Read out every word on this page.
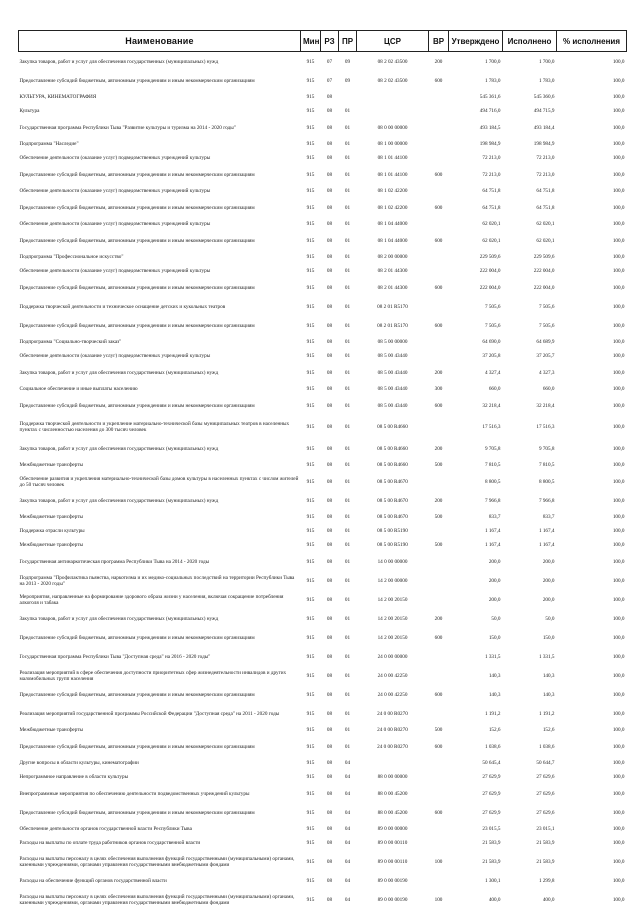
Наименование	Мин	РЗ	ПР	ЦСР	ВР	Утверждено	Исполнено	% исполнения
Закупка товаров, работ и услуг для обеспечения государственных (муниципальных) нужд	915	07	09	08 2 02 43500	200	1 700,0	1 700,0	100,0
Предоставление субсидий бюджетным, автономным учреждениям и иным некоммерческим организациям	915	07	09	08 2 02 43500	600	1 783,0	1 783,0	100,0
КУЛЬТУРА, КИНЕМАТОГРАФИЯ	915	08				545 361,6	545 360,6	100,0
Культура	915	08	01			494 716,0	494 715,9	100,0
Государственная программа Республики Тыва "Развитие культуры и туризма на 2014 - 2020 годы"	915	08	01	08 0 00 00000		493 184,5	493 184,4	100,0
Подпрограмма "Наследие"	915	08	01	08 1 00 00000		198 984,9	198 984,9	100,0
Обеспечение деятельности (оказание услуг) подведомственных учреждений культуры	915	08	01	08 1 01 44100		72 213,0	72 213,0	100,0
Предоставление субсидий бюджетным, автономным учреждениям и иным некоммерческим организациям	915	08	01	08 1 01 44100	600	72 213,0	72 213,0	100,0
Обеспечение деятельности (оказание услуг) подведомственных учреждений культуры	915	08	01	08 1 02 42200		64 751,8	64 751,8	100,0
Предоставление субсидий бюджетным, автономным учреждениям и иным некоммерческим организациям	915	08	01	08 1 02 42200	600	64 751,8	64 751,8	100,0
Обеспечение деятельности (оказание услуг) подведомственных учреждений культуры	915	08	01	08 1 04 44000		62 020,1	62 020,1	100,0
Предоставление субсидий бюджетным, автономным учреждениям и иным некоммерческим организациям	915	08	01	08 1 04 44000	600	62 020,1	62 020,1	100,0
Подпрограмма "Профессиональное искусство"	915	08	01	08 2 00 00000		229 509,6	229 509,6	100,0
Обеспечение деятельности (оказание услуг) подведомственных учреждений культуры	915	08	01	08 2 01 44300		222 004,0	222 004,0	100,0
Предоставление субсидий бюджетным, автономным учреждениям и иным некоммерческим организациям	915	08	01	08 2 01 44300	600	222 004,0	222 004,0	100,0
Поддержка творческой деятельности и техническое оснащение детских и кукольных театров	915	08	01	08 2 01 R5170		7 505,6	7 505,6	100,0
Предоставление субсидий бюджетным, автономным учреждениям и иным некоммерческим организациям	915	08	01	08 2 01 R5170	600	7 505,6	7 505,6	100,0
Подпрограмма "Социально-творческий заказ"	915	08	01	08 5 00 00000		64 690,0	64 689,9	100,0
Обеспечение деятельности (оказание услуг) подведомственных учреждений культуры	915	08	01	08 5 00 43440		37 205,8	37 205,7	100,0
Закупка товаров, работ и услуг для обеспечения государственных (муниципальных) нужд	915	08	01	08 5 00 43440	200	4 327,4	4 327,3	100,0
Социальное обеспечение и иные выплаты населению	915	08	01	08 5 00 43440	300	660,0	660,0	100,0
Предоставление субсидий бюджетным, автономным учреждениям и иным некоммерческим организациям	915	08	01	08 5 00 43440	600	32 218,4	32 218,4	100,0
Поддержка творческой деятельности и укрепление материально-технической базы муниципальных театров в населенных пунктах с численностью населения до 300 тысяч человек	915	08	01	08 5 00 R4660		17 516,3	17 516,3	100,0
Закупка товаров, работ и услуг для обеспечения государственных (муниципальных) нужд	915	08	01	08 5 00 R4660	200	9 705,8	9 705,8	100,0
Межбюджетные трансферты	915	08	01	08 5 00 R4660	500	7 810,5	7 810,5	100,0
Обеспечение развития и укрепления материально-технической базы домов культуры в населенных пунктах с числом жителей до 50 тысяч человек	915	08	01	08 5 00 R4670		8 800,5	8 800,5	100,0
Закупка товаров, работ и услуг для обеспечения государственных (муниципальных) нужд	915	08	01	08 5 00 R4670	200	7 966,8	7 966,8	100,0
Межбюджетные трансферты	915	08	01	08 5 00 R4670	500	833,7	833,7	100,0
Поддержка отрасли культуры	915	08	01	08 5 00 R5190		1 167,4	1 167,4	100,0
Межбюджетные трансферты	915	08	01	08 5 00 R5190	500	1 167,4	1 167,4	100,0
Государственная антинаркотическая программа Республики Тыва на 2014 - 2020 годы	915	08	01	14 0 00 00000		200,0	200,0	100,0
Подпрограмма "Профилактика пьянства, наркотизма и их медико-социальных последствий на территории Республики Тыва на 2013 - 2020 годы"	915	08	01	14 2 00 00000		200,0	200,0	100,0
Мероприятия, направленные на формирование здорового образа жизни у населения, включая сокращение потребления алкоголя и табака	915	08	01	14 2 00 20150		200,0	200,0	100,0
Закупка товаров, работ и услуг для обеспечения государственных (муниципальных) нужд	915	08	01	14 2 00 20150	200	50,0	50,0	100,0
Предоставление субсидий бюджетным, автономным учреждениям и иным некоммерческим организациям	915	08	01	14 2 00 20150	600	150,0	150,0	100,0
Государственная программа Республики Тыва "Доступная среда" на 2016 - 2020 годы"	915	08	01	24 0 00 00000		1 331,5	1 331,5	100,0
Реализация мероприятий в сфере обеспечения доступности приоритетных сфер жизнедеятельности инвалидов и других маломобильных групп населения	915	08	01	24 0 00 42250		140,3	140,3	100,0
Предоставление субсидий бюджетным, автономным учреждениям и иным некоммерческим организациям	915	08	01	24 0 00 42250	600	140,3	140,3	100,0
Реализация мероприятий государственной программы Российской Федерации "Доступная среда" на 2011 - 2020 годы	915	08	01	24 0 00 R0270		1 191,2	1 191,2	100,0
Межбюджетные трансферты	915	08	01	24 0 00 R0270	500	152,6	152,6	100,0
Предоставление субсидий бюджетным, автономным учреждениям и иным некоммерческим организациям	915	08	01	24 0 00 R0270	600	1 038,6	1 038,6	100,0
Другие вопросы в области культуры, кинематографии	915	08	04			50 645,4	50 644,7	100,0
Непрограммное направление в области культуры	915	08	04	88 0 00 00000		27 629,9	27 629,6	100,0
Внепрограммные мероприятия по обеспечению деятельности подведомственных учреждений культуры	915	08	04	88 0 00 45200		27 629,9	27 629,6	100,0
Предоставление субсидий бюджетным, автономным учреждениям и иным некоммерческим организациям	915	08	04	88 0 00 45200	600	27 629,9	27 629,6	100,0
Обеспечение деятельности органов государственной власти Республики Тыва	915	08	04	89 0 00 00000		23 015,5	23 015,1	100,0
Расходы на выплаты по оплате труда работников органов государственной власти	915	08	04	89 0 00 00110		21 583,9	21 583,9	100,0
Расходы на выплаты персоналу в целях обеспечения выполнения функций государственными (муниципальными) органами, казенными учреждениями, органами управления государственными внебюджетными фондами	915	08	04	89 0 00 00110	100	21 583,9	21 583,9	100,0
Расходы на обеспечение функций органов государственной власти	915	08	04	89 0 00 00190		1 300,1	1 299,8	100,0
Расходы на выплаты персоналу в целях обеспечения выполнения функций государственными (муниципальными) органами, казенными учреждениями, органами управления государственными внебюджетными фондами	915	08	04	89 0 00 00190	100	400,0	400,0	100,0
